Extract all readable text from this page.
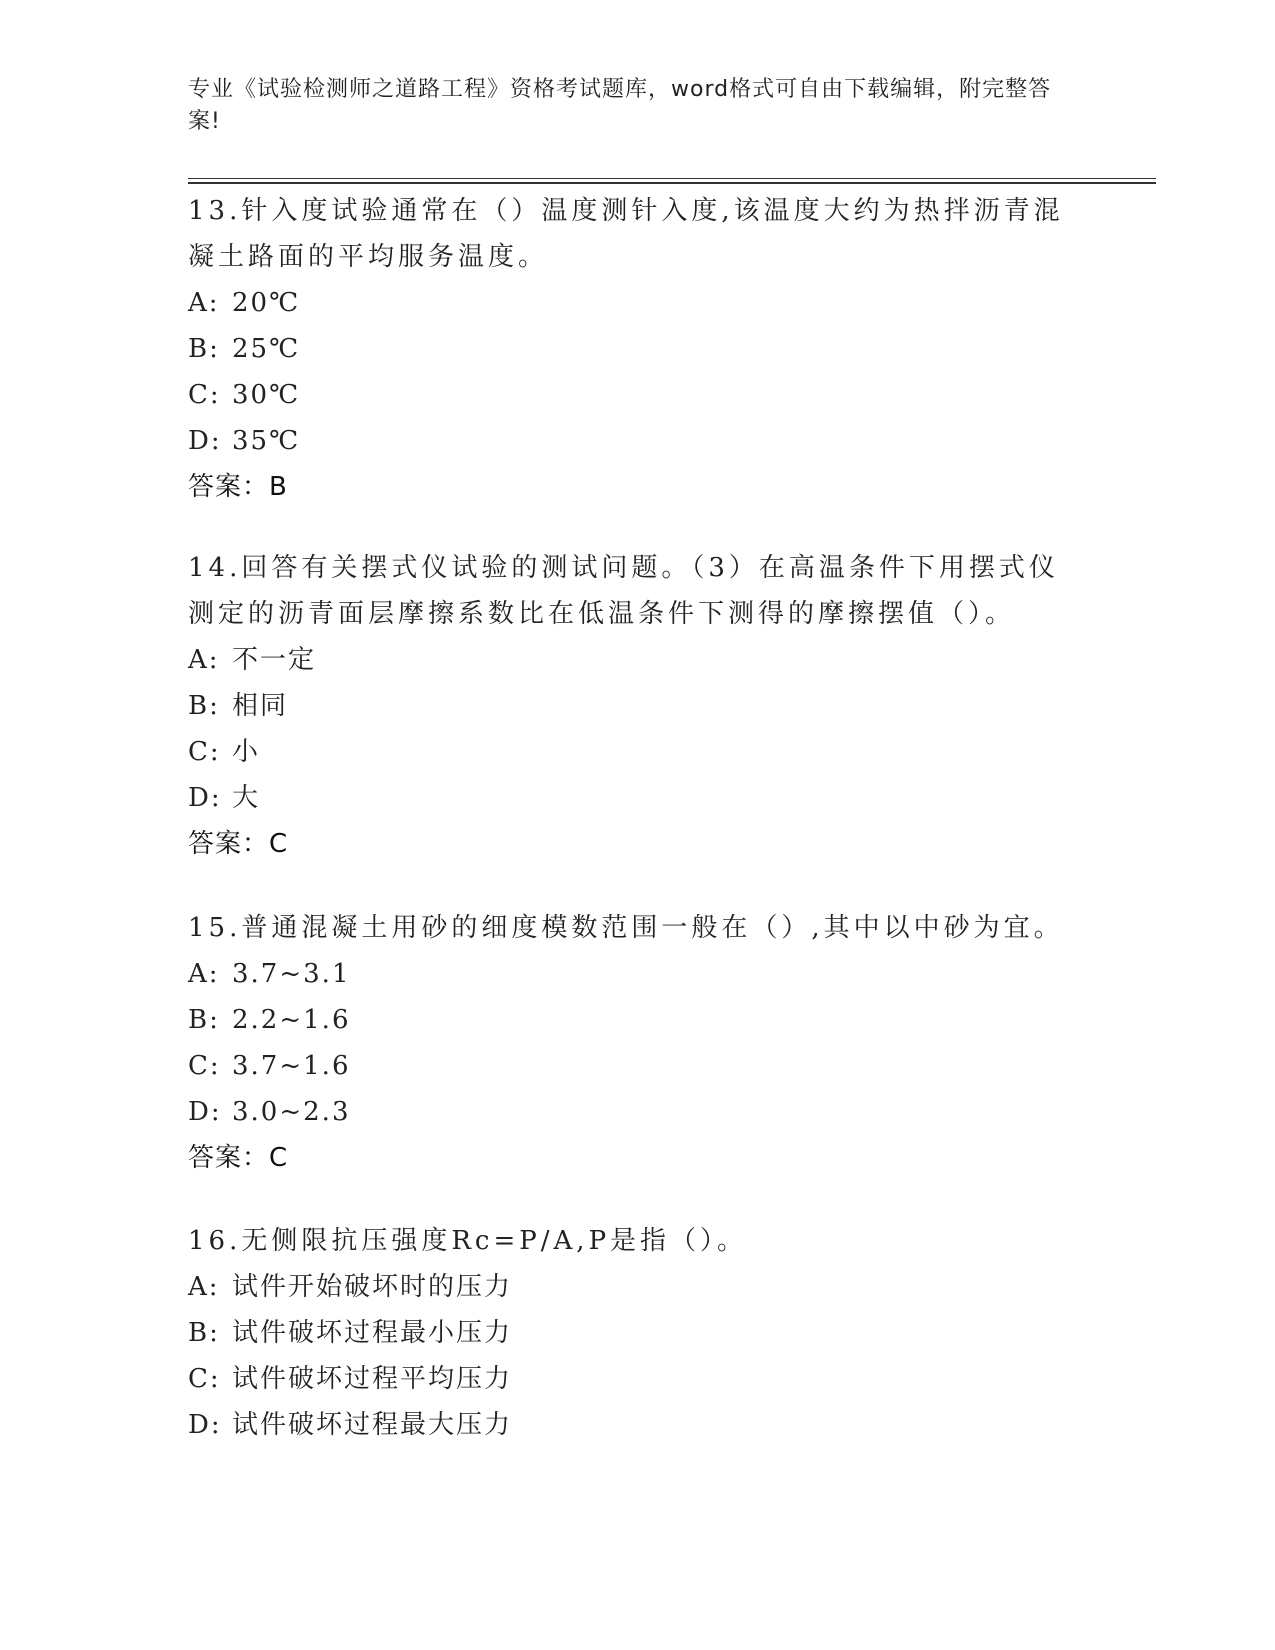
专业《试验检测师之道路工程》资格考试题库，word格式可自由下载编辑，附完整答案!

13.针入度试验通常在（）温度测针入度,该温度大约为热拌沥青混凝土路面的平均服务温度。

A: 20℃
B: 25℃
C: 30℃
D: 35℃
答案：B

14.回答有关摆式仪试验的测试问题。（3）在高温条件下用摆式仪测定的沥青面层摩擦系数比在低温条件下测得的摩擦摆值（）。

A: 不一定
B: 相同
C: 小
D: 大
答案：C

15.普通混凝土用砂的细度模数范围一般在（）,其中以中砂为宜。

A: 3.7~3.1
B: 2.2~1.6
C: 3.7~1.6
D: 3.0~2.3
答案：C

16.无侧限抗压强度Rc=P/A,P是指（）。

A: 试件开始破坏时的压力
B: 试件破坏过程最小压力
C: 试件破坏过程平均压力
D: 试件破坏过程最大压力
